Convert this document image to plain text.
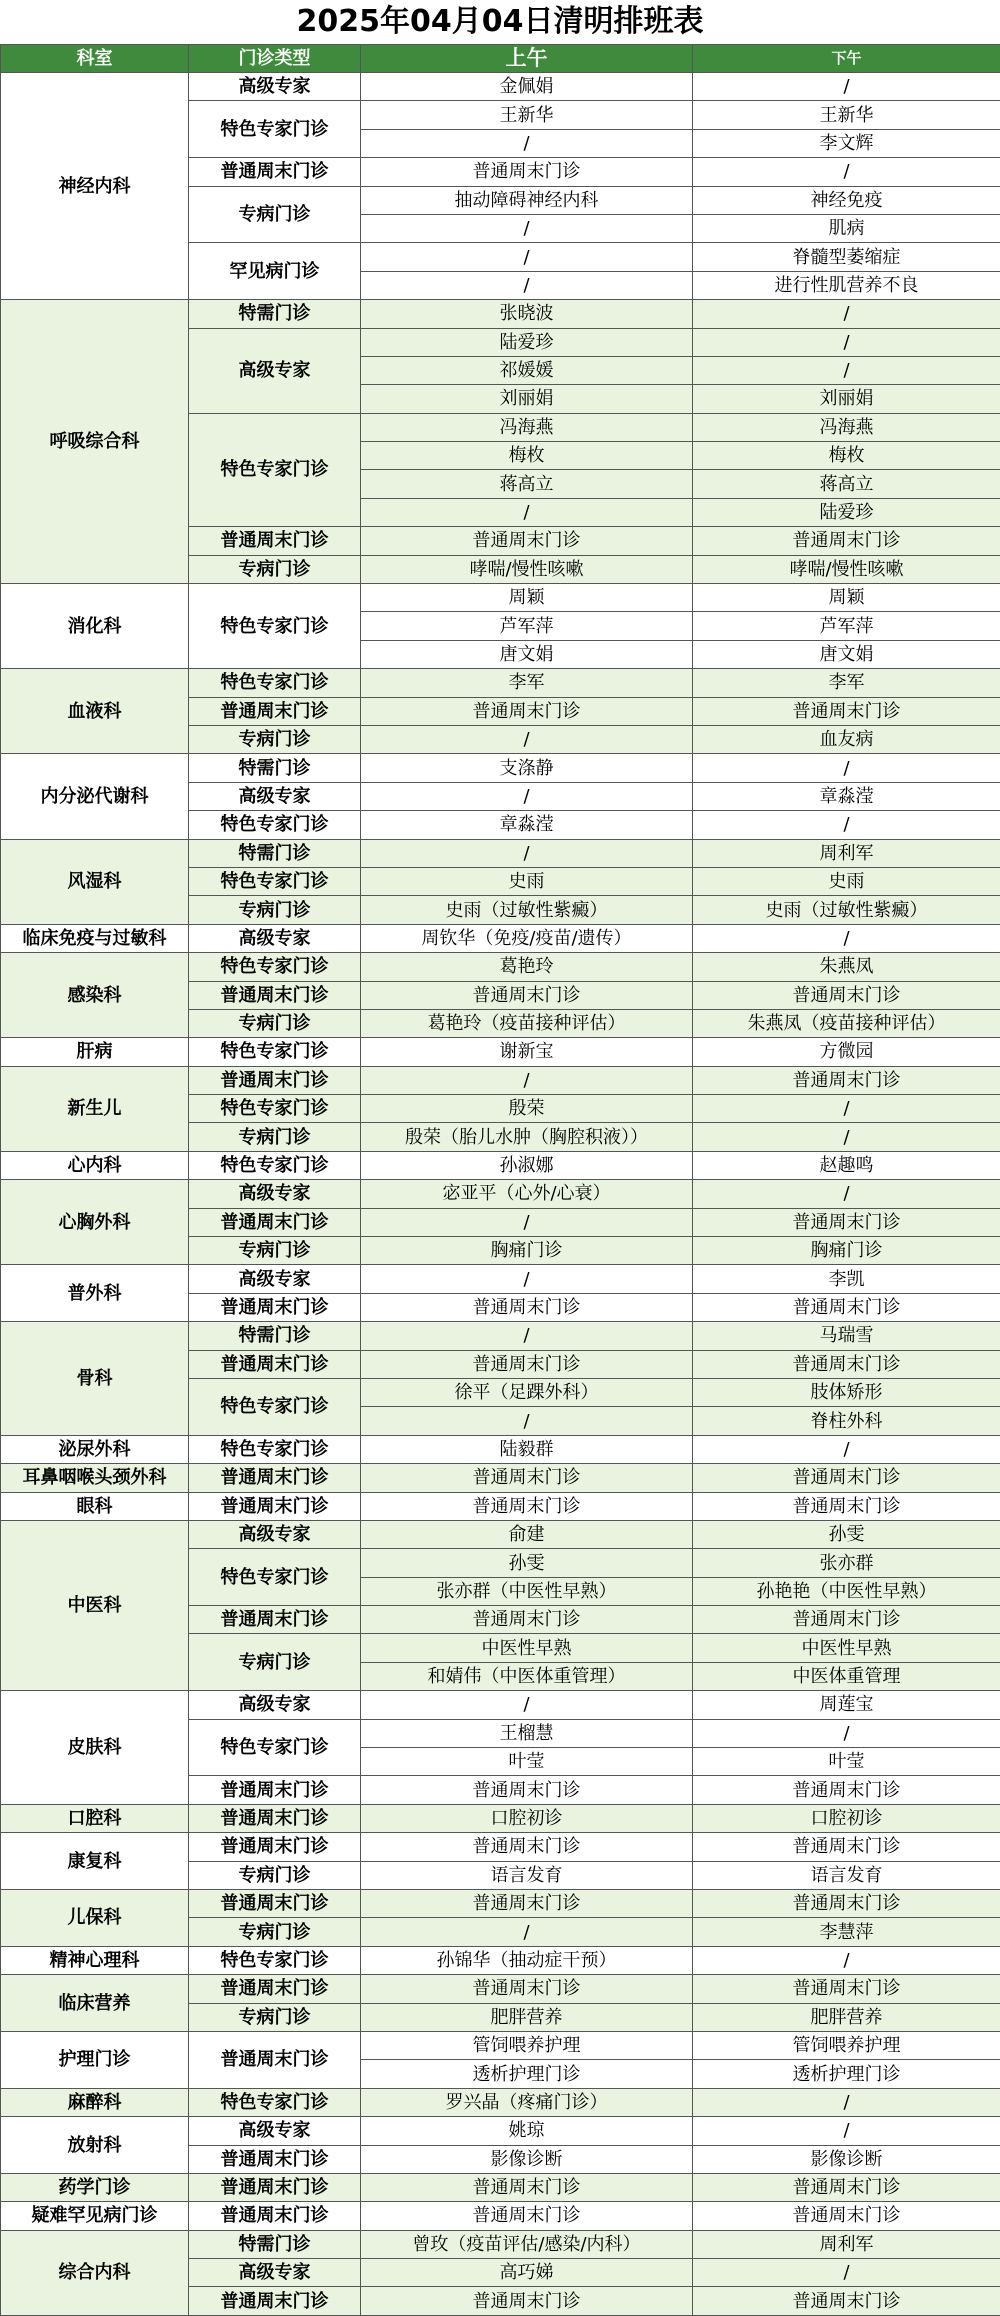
2025年04月04日清明排班表
科室	门诊类型	上午	下午
神经内科	高级专家	金佩娟	/
	特色专家门诊	王新华	王新华
		/	李文辉
	普通周末门诊	普通周末门诊	/
	专病门诊	抽动障碍神经内科	神经免疫
		/	肌病
	罕见病门诊	/	脊髓型萎缩症
		/	进行性肌营养不良
呼吸综合科	特需门诊	张晓波	/
	高级专家	陆爱珍	/
		祁媛媛	/
		刘丽娟	刘丽娟
	特色专家门诊	冯海燕	冯海燕
		梅枚	梅枚
		蒋高立	蒋高立
		/	陆爱珍
	普通周末门诊	普通周末门诊	普通周末门诊
	专病门诊	哮喘/慢性咳嗽	哮喘/慢性咳嗽
消化科	特色专家门诊	周颖	周颖
		芦军萍	芦军萍
		唐文娟	唐文娟
血液科	特色专家门诊	李军	李军
	普通周末门诊	普通周末门诊	普通周末门诊
	专病门诊	/	血友病
内分泌代谢科	特需门诊	支涤静	/
	高级专家	/	章淼滢
	特色专家门诊	章淼滢	/
风湿科	特需门诊	/	周利军
	特色专家门诊	史雨	史雨
	专病门诊	史雨（过敏性紫癜）	史雨（过敏性紫癜）
临床免疫与过敏科	高级专家	周钦华（免疫/疫苗/遗传）	/
感染科	特色专家门诊	葛艳玲	朱燕凤
	普通周末门诊	普通周末门诊	普通周末门诊
	专病门诊	葛艳玲（疫苗接种评估）	朱燕凤（疫苗接种评估）
肝病	特色专家门诊	谢新宝	方微园
新生儿	普通周末门诊	/	普通周末门诊
	特色专家门诊	殷荣	/
	专病门诊	殷荣（胎儿水肿（胸腔积液））	/
心内科	特色专家门诊	孙淑娜	赵趣鸣
心胸外科	高级专家	宓亚平（心外/心衰）	/
	普通周末门诊	/	普通周末门诊
	专病门诊	胸痛门诊	胸痛门诊
普外科	高级专家	/	李凯
	普通周末门诊	普通周末门诊	普通周末门诊
骨科	特需门诊	/	马瑞雪
	普通周末门诊	普通周末门诊	普通周末门诊
	特色专家门诊	徐平（足踝外科）	肢体矫形
		/	脊柱外科
泌尿外科	特色专家门诊	陆毅群	/
耳鼻咽喉头颈外科	普通周末门诊	普通周末门诊	普通周末门诊
眼科	普通周末门诊	普通周末门诊	普通周末门诊
中医科	高级专家	俞建	孙雯
	特色专家门诊	孙雯	张亦群
		张亦群（中医性早熟）	孙艳艳（中医性早熟）
	普通周末门诊	普通周末门诊	普通周末门诊
	专病门诊	中医性早熟	中医性早熟
		和婧伟（中医体重管理）	中医体重管理
皮肤科	高级专家	/	周莲宝
	特色专家门诊	王榴慧	/
		叶莹	叶莹
	普通周末门诊	普通周末门诊	普通周末门诊
口腔科	普通周末门诊	口腔初诊	口腔初诊
康复科	普通周末门诊	普通周末门诊	普通周末门诊
	专病门诊	语言发育	语言发育
儿保科	普通周末门诊	普通周末门诊	普通周末门诊
	专病门诊	/	李慧萍
精神心理科	特色专家门诊	孙锦华（抽动症干预）	/
临床营养	普通周末门诊	普通周末门诊	普通周末门诊
	专病门诊	肥胖营养	肥胖营养
护理门诊	普通周末门诊	管饲喂养护理	管饲喂养护理
		透析护理门诊	透析护理门诊
麻醉科	特色专家门诊	罗兴晶（疼痛门诊）	/
放射科	高级专家	姚琼	/
	普通周末门诊	影像诊断	影像诊断
药学门诊	普通周末门诊	普通周末门诊	普通周末门诊
疑难罕见病门诊	普通周末门诊	普通周末门诊	普通周末门诊
综合内科	特需门诊	曾玫（疫苗评估/感染/内科）	周利军
	高级专家	高巧娣	/
	普通周末门诊	普通周末门诊	普通周末门诊
